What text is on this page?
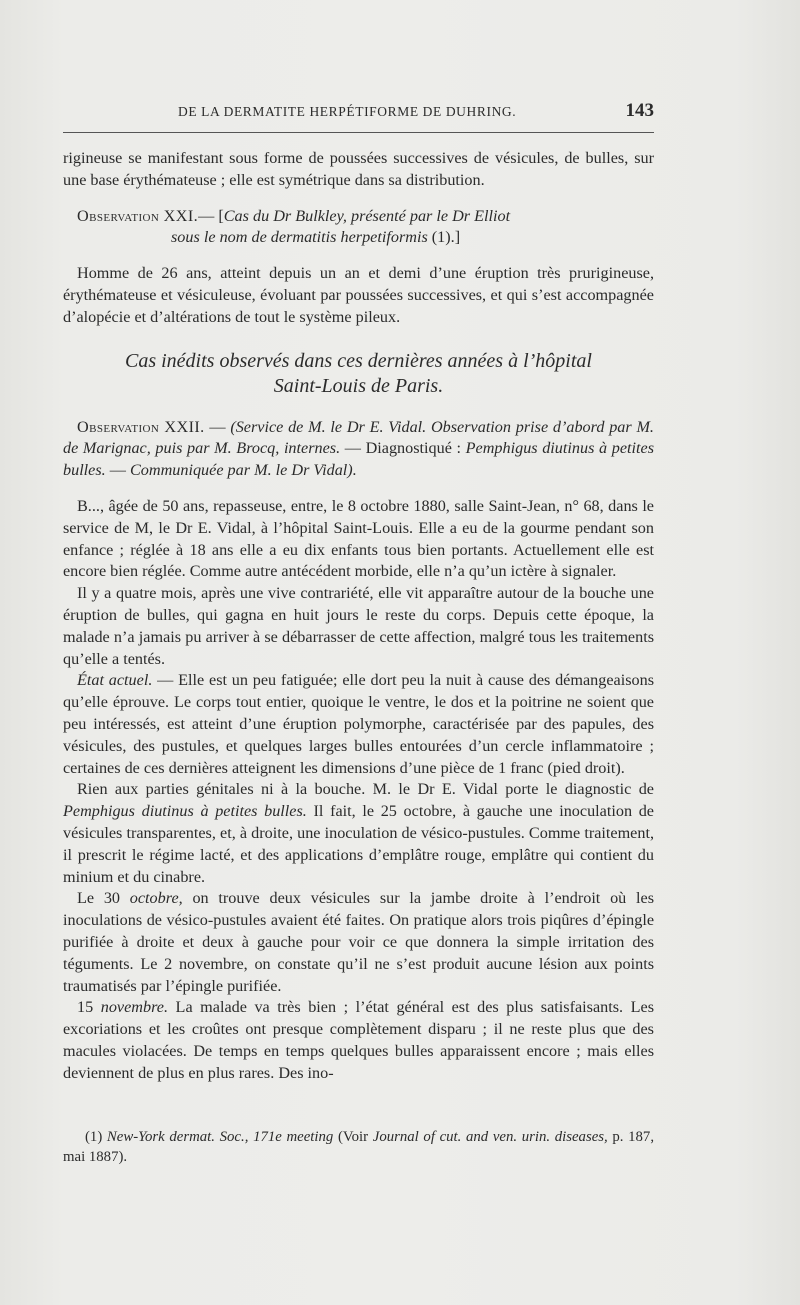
DE LA DERMATITE HERPÉTIFORME DE DUHRING.	143

rigineuse se manifestant sous forme de poussées successives de vésicules, de bulles, sur une base érythémateuse ; elle est symétrique dans sa distribution.

Observation XXI.— [Cas du Dr Bulkley, présenté par le Dr Elliot

sous le nom de dermatitis herpetiformis (1).]

Homme de 26 ans, atteint depuis un an et demi d’une éruption très prurigineuse, érythémateuse et vésiculeuse, évoluant par poussées successives, et qui s’est accompagnée d’alopécie et d’altérations de tout le système pileux.

Cas inédits observés dans ces dernières années à l’hôpital
Saint-Louis de Paris.

Observation XXII. — (Service de M. le Dr E. Vidal. Observation prise d’abord par M. de Marignac, puis par M. Brocq, internes. — Diagnostiqué : Pemphigus diutinus à petites bulles. — Communiquée par M. le Dr Vidal).

B..., âgée de 50 ans, repasseuse, entre, le 8 octobre 1880, salle Saint-Jean, n° 68, dans le service de M, le Dr E. Vidal, à l’hôpital Saint-Louis. Elle a eu de la gourme pendant son enfance ; réglée à 18 ans elle a eu dix enfants tous bien portants. Actuellement elle est encore bien réglée. Comme autre antécédent morbide, elle n’a qu’un ictère à signaler.

Il y a quatre mois, après une vive contrariété, elle vit apparaître autour de la bouche une éruption de bulles, qui gagna en huit jours le reste du corps. Depuis cette époque, la malade n’a jamais pu arriver à se débarrasser de cette affection, malgré tous les traitements qu’elle a tentés.

État actuel. — Elle est un peu fatiguée; elle dort peu la nuit à cause des démangeaisons qu’elle éprouve. Le corps tout entier, quoique le ventre, le dos et la poitrine ne soient que peu intéressés, est atteint d’une éruption polymorphe, caractérisée par des papules, des vésicules, des pustules, et quelques larges bulles entourées d’un cercle inflammatoire ; certaines de ces dernières atteignent les dimensions d’une pièce de 1 franc (pied droit).

Rien aux parties génitales ni à la bouche. M. le Dr E. Vidal porte le diagnostic de Pemphigus diutinus à petites bulles. Il fait, le 25 octobre, à gauche une inoculation de vésicules transparentes, et, à droite, une inoculation de vésico-pustules. Comme traitement, il prescrit le régime lacté, et des applications d’emplâtre rouge, emplâtre qui contient du minium et du cinabre.

Le 30 octobre, on trouve deux vésicules sur la jambe droite à l’endroit où les inoculations de vésico-pustules avaient été faites. On pratique alors trois piqûres d’épingle purifiée à droite et deux à gauche pour voir ce que donnera la simple irritation des téguments. Le 2 novembre, on constate qu’il ne s’est produit aucune lésion aux points traumatisés par l’épingle purifiée.

15 novembre. La malade va très bien ; l’état général est des plus satisfaisants. Les excoriations et les croûtes ont presque complètement disparu ; il ne reste plus que des macules violacées. De temps en temps quelques bulles apparaissent encore ; mais elles deviennent de plus en plus rares. Des ino-

(1) New-York dermat. Soc., 171e meeting (Voir Journal of cut. and ven. urin. diseases, p. 187, mai 1887).
